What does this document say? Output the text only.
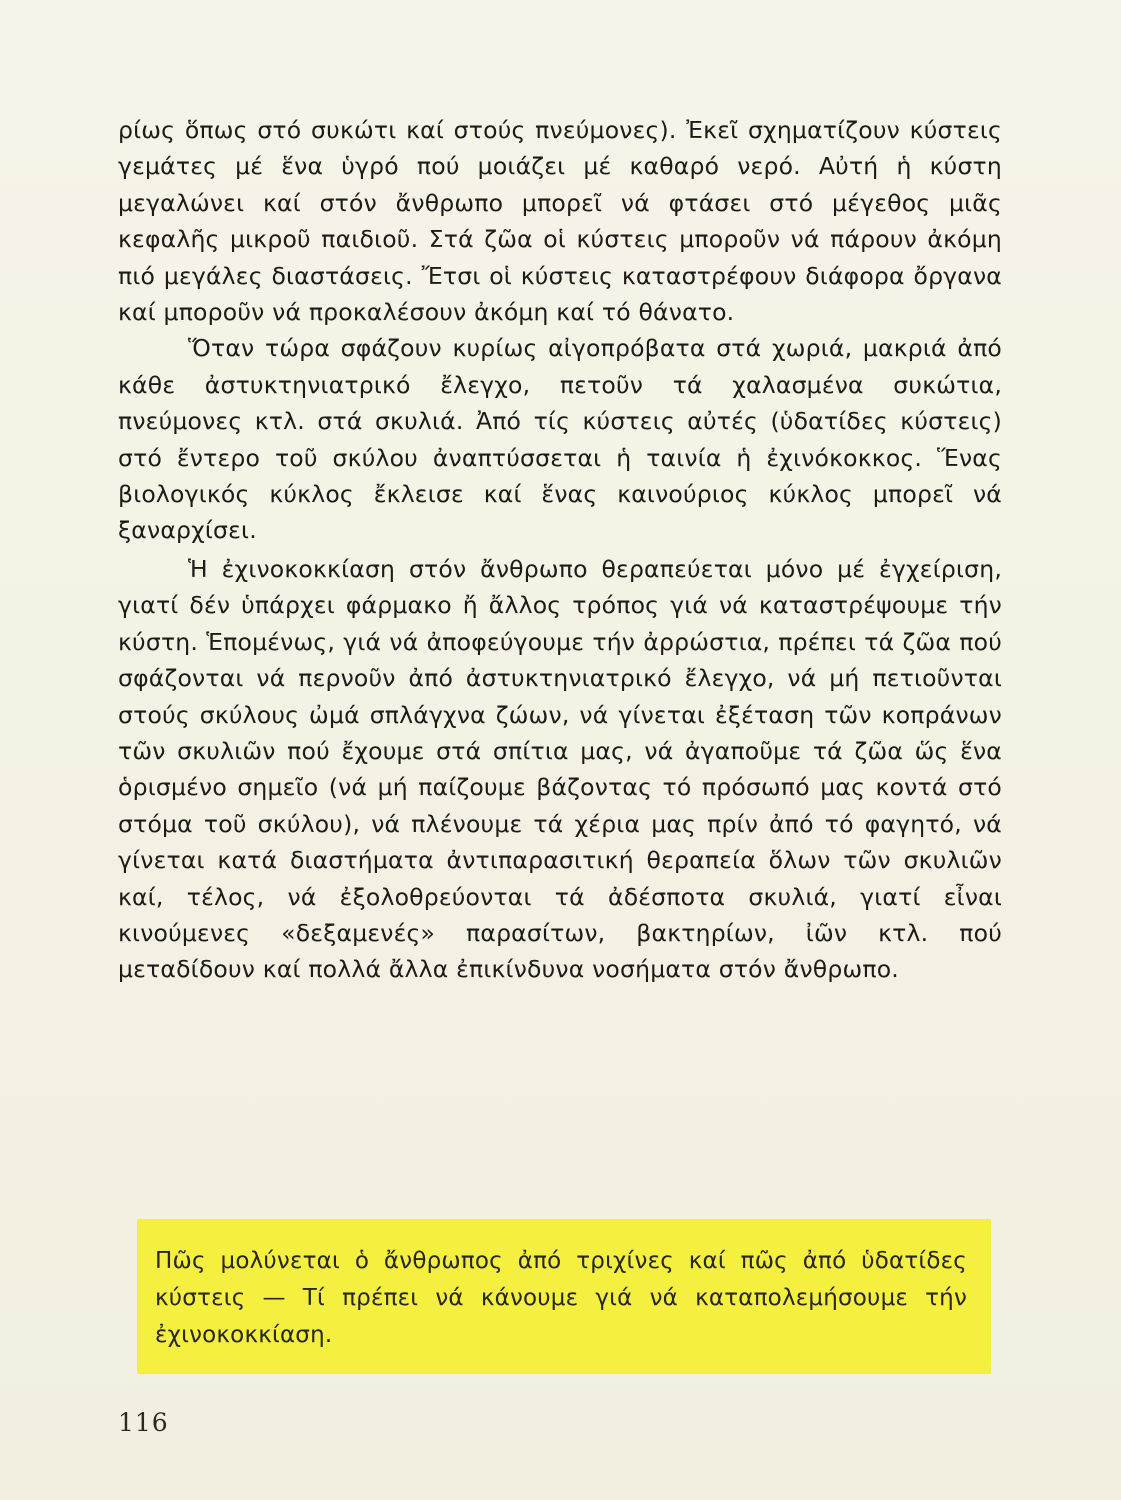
ρίως ὅπως στό συκώτι καί στούς πνεύμονες). Ἐκεῖ σχηματίζουν κύστεις γεμάτες μέ ἕνα ὑγρό πού μοιάζει μέ καθαρό νερό. Αὐτή ἡ κύστη μεγαλώνει καί στόν ἄνθρωπο μπορεῖ νά φτάσει στό μέγεθος μιᾶς κεφαλῆς μικροῦ παιδιοῦ. Στά ζῶα οἱ κύστεις μποροῦν νά πάρουν ἀκόμη πιό μεγάλες διαστάσεις. Ἔτσι οἱ κύστεις καταστρέφουν διάφορα ὄργανα καί μποροῦν νά προκαλέσουν ἀκόμη καί τό θάνατο.

Ὅταν τώρα σφάζουν κυρίως αἰγοπρόβατα στά χωριά, μακριά ἀπό κάθε ἀστυκτηνιατρικό ἔλεγχο, πετοῦν τά χαλασμένα συκώτια, πνεύμονες κτλ. στά σκυλιά. Ἀπό τίς κύστεις αὐτές (ὑδατίδες κύστεις) στό ἔντερο τοῦ σκύλου ἀναπτύσσεται ἡ ταινία ἡ ἐχινόκοκκος. Ἕνας βιολογικός κύκλος ἔκλεισε καί ἕνας καινούριος κύκλος μπορεῖ νά ξαναρχίσει.

Ἡ ἐχινοκοκκίαση στόν ἄνθρωπο θεραπεύεται μόνο μέ ἐγχείριση, γιατί δέν ὑπάρχει φάρμακο ἤ ἄλλος τρόπος γιά νά καταστρέψουμε τήν κύστη. Ἑπομένως, γιά νά ἀποφεύγουμε τήν ἀρρώστια, πρέπει τά ζῶα πού σφάζονται νά περνοῦν ἀπό ἀστυκτηνιατρικό ἔλεγχο, νά μή πετιοῦνται στούς σκύλους ὠμά σπλάγχνα ζώων, νά γίνεται ἐξέταση τῶν κοπράνων τῶν σκυλιῶν πού ἔχουμε στά σπίτια μας, νά ἀγαποῦμε τά ζῶα ὥς ἕνα ὁρισμένο σημεῖο (νά μή παίζουμε βάζοντας τό πρόσωπό μας κοντά στό στόμα τοῦ σκύλου), νά πλένουμε τά χέρια μας πρίν ἀπό τό φαγητό, νά γίνεται κατά διαστήματα ἀντιπαρασιτική θεραπεία ὅλων τῶν σκυλιῶν καί, τέλος, νά ἐξολοθρεύονται τά ἀδέσποτα σκυλιά, γιατί εἶναι κινούμενες «δεξαμενές» παρασίτων, βακτηρίων, ἰῶν κτλ. πού μεταδίδουν καί πολλά ἄλλα ἐπικίνδυνα νοσήματα στόν ἄνθρωπο.

Πῶς μολύνεται ὁ ἄνθρωπος ἀπό τριχίνες καί πῶς ἀπό ὑδατίδες κύστεις — Τί πρέπει νά κάνουμε γιά νά καταπολεμήσουμε τήν ἐχινοκοκκίαση.

116
